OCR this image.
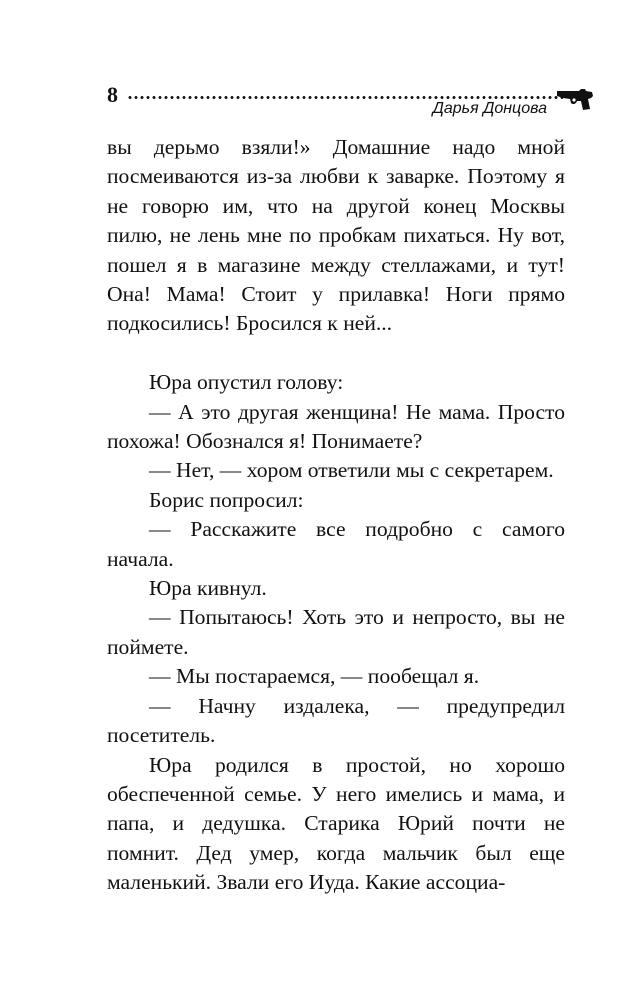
8
Дарья Донцова

вы дерьмо взяли!» Домашние надо мной посмеиваются из-за любви к заварке. Поэтому я не говорю им, что на другой конец Москвы пилю, не лень мне по пробкам пихаться. Ну вот, пошел я в магазине между стеллажами, и тут! Она! Мама! Стоит у прилавка! Ноги прямо подкосились! Бросился к ней...

Юра опустил голову:

— А это другая женщина! Не мама. Просто похожа! Обознался я! Понимаете?

— Нет, — хором ответили мы с секретарем.

Борис попросил:

— Расскажите все подробно с самого начала.

Юра кивнул.

— Попытаюсь! Хоть это и непросто, вы не поймете.

— Мы постараемся, — пообещал я.

— Начну издалека, — предупредил посетитель.

Юра родился в простой, но хорошо обеспеченной семье. У него имелись и мама, и папа, и дедушка. Старика Юрий почти не помнит. Дед умер, когда мальчик был еще маленький. Звали его Иуда. Какие ассоциа-
